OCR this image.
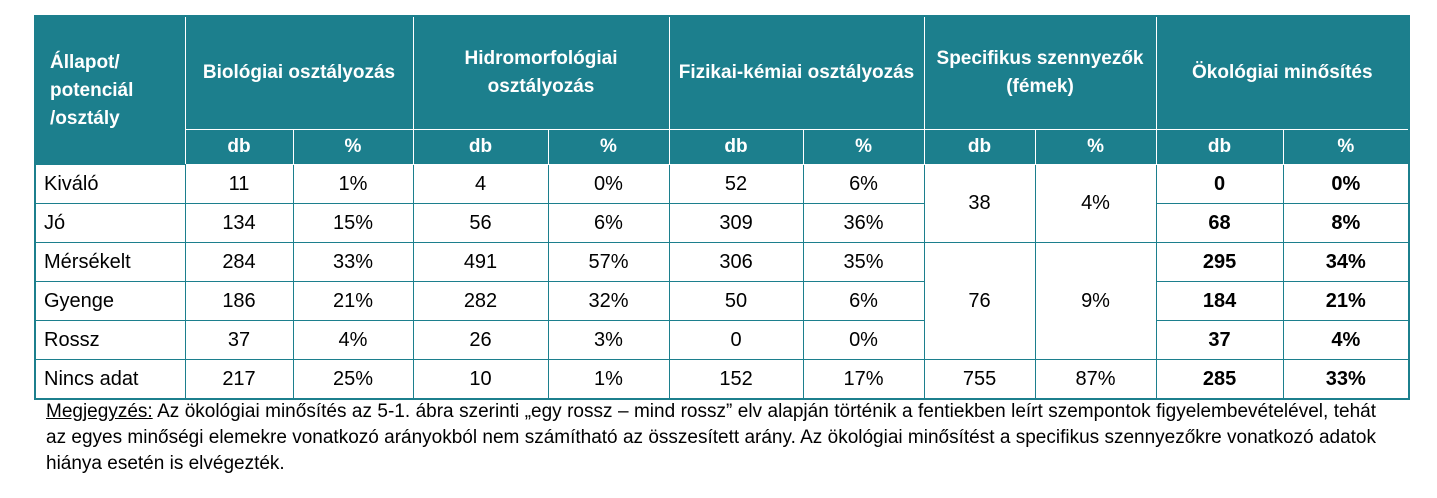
Állapot/ potenciál /osztály	Biológiai osztályozás		Hidromorfológiai osztályozás		Fizikai-kémiai osztályozás		Specifikus szennyezők (fémek)		Ökológiai minősítés	
	db	%	db	%	db	%	db	%	db	%
Kiváló	11	1%	4	0%	52	6%	38	4%	0	0%
Jó	134	15%	56	6%	309	36%			68	8%
Mérsékelt	284	33%	491	57%	306	35%	76	9%	295	34%
Gyenge	186	21%	282	32%	50	6%			184	21%
Rossz	37	4%	26	3%	0	0%			37	4%
Nincs adat	217	25%	10	1%	152	17%	755	87%	285	33%
Megjegyzés: Az ökológiai minősítés az 5-1. ábra szerinti „egy rossz – mind rossz” elv alapján történik a fentiekben leírt szempontok figyelembevételével, tehát az egyes minőségi elemekre vonatkozó arányokból nem számítható az összesített arány. Az ökológiai minősítést a specifikus szennyezőkre vonatkozó adatok hiánya esetén is elvégezték.
